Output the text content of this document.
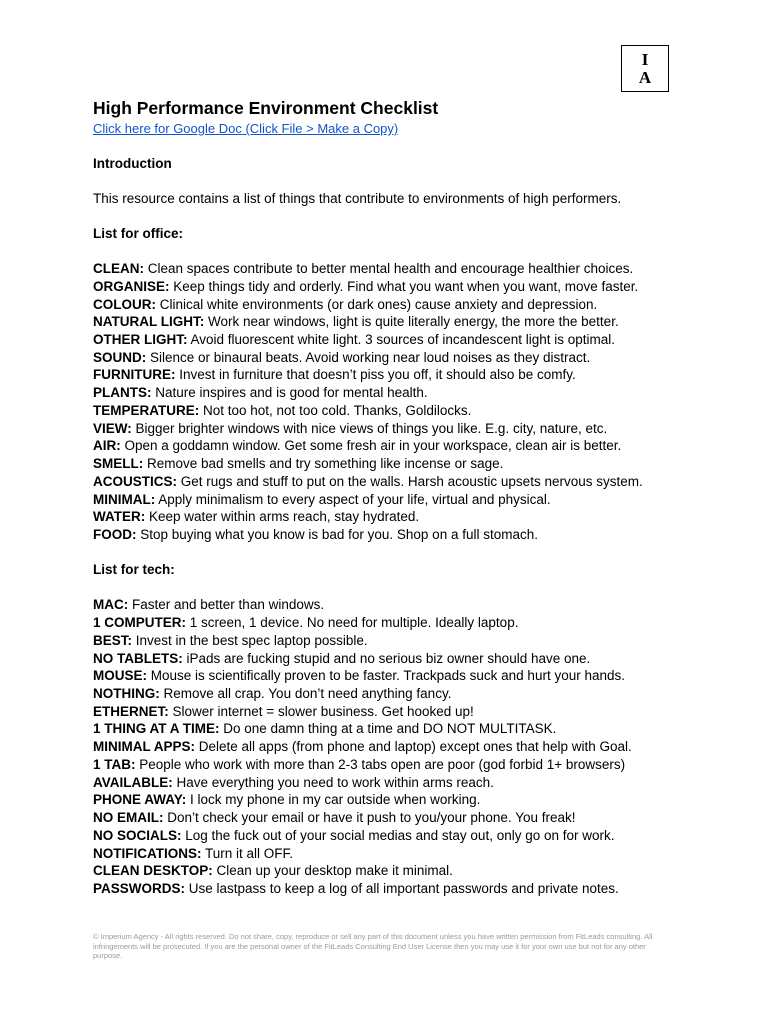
I
A
High Performance Environment Checklist
Click here for Google Doc (Click File > Make a Copy)

Introduction

This resource contains a list of things that contribute to environments of high performers.

List for office:

CLEAN: Clean spaces contribute to better mental health and encourage healthier choices.
ORGANISE: Keep things tidy and orderly. Find what you want when you want, move faster.
COLOUR: Clinical white environments (or dark ones) cause anxiety and depression.
NATURAL LIGHT: Work near windows, light is quite literally energy, the more the better.
OTHER LIGHT: Avoid fluorescent white light. 3 sources of incandescent light is optimal.
SOUND: Silence or binaural beats. Avoid working near loud noises as they distract.
FURNITURE: Invest in furniture that doesn’t piss you off, it should also be comfy.
PLANTS: Nature inspires and is good for mental health.
TEMPERATURE: Not too hot, not too cold. Thanks, Goldilocks.
VIEW: Bigger brighter windows with nice views of things you like. E.g. city, nature, etc.
AIR: Open a goddamn window. Get some fresh air in your workspace, clean air is better.
SMELL: Remove bad smells and try something like incense or sage.
ACOUSTICS: Get rugs and stuff to put on the walls. Harsh acoustic upsets nervous system.
MINIMAL: Apply minimalism to every aspect of your life, virtual and physical.
WATER: Keep water within arms reach, stay hydrated.
FOOD: Stop buying what you know is bad for you. Shop on a full stomach.

List for tech:

MAC: Faster and better than windows.
1 COMPUTER: 1 screen, 1 device. No need for multiple. Ideally laptop.
BEST: Invest in the best spec laptop possible.
NO TABLETS: iPads are fucking stupid and no serious biz owner should have one.
MOUSE: Mouse is scientifically proven to be faster. Trackpads suck and hurt your hands.
NOTHING: Remove all crap. You don’t need anything fancy.
ETHERNET: Slower internet = slower business. Get hooked up!
1 THING AT A TIME: Do one damn thing at a time and DO NOT MULTITASK.
MINIMAL APPS: Delete all apps (from phone and laptop) except ones that help with Goal.
1 TAB: People who work with more than 2-3 tabs open are poor (god forbid 1+ browsers)
AVAILABLE: Have everything you need to work within arms reach.
PHONE AWAY: I lock my phone in my car outside when working.
NO EMAIL: Don’t check your email or have it push to you/your phone. You freak!
NO SOCIALS: Log the fuck out of your social medias and stay out, only go on for work.
NOTIFICATIONS: Turn it all OFF.
CLEAN DESKTOP: Clean up your desktop make it minimal.
PASSWORDS: Use lastpass to keep a log of all important passwords and private notes.
© Imperium Agency - All rights reserved. Do not share, copy, reproduce or sell any part of this document unless you have written permission from FitLeads consulting. All infringements will be prosecuted. If you are the personal owner of the FitLeads Consulting End User License then you may use it for your own use but not for any other purpose.
